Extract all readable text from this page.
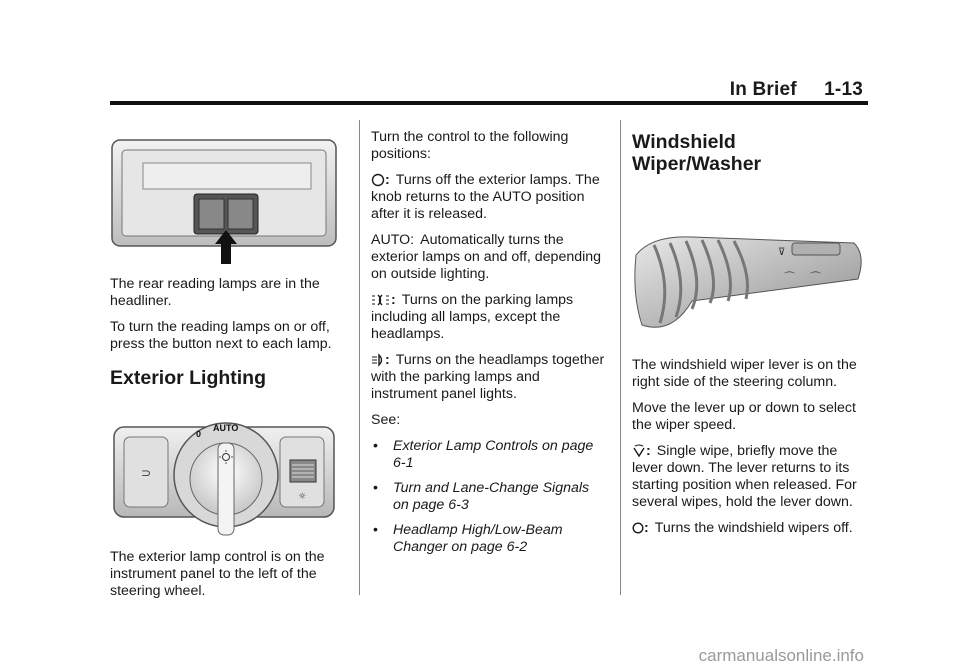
In Brief     1-13

The rear reading lamps are in the headliner.

To turn the reading lamps on or off, press the button next to each lamp.

Exterior Lighting
AUTO
0
⊃
☼

The exterior lamp control is on the instrument panel to the left of the steering wheel.

Turn the control to the following positions:

: Turns off the exterior lamps. The knob returns to the AUTO position after it is released.

AUTO: Automatically turns the exterior lamps on and off, depending on outside lighting.

: Turns on the parking lamps including all lamps, except the headlamps.

: Turns on the headlamps together with the parking lamps and instrument panel lights.

See:

• Exterior Lamp Controls on page 6-1
• Turn and Lane-Change Signals on page 6-3
• Headlamp High/Low-Beam Changer on page 6-2
Windshield Wiper/Washer
⊽
⌒ ⌒

The windshield wiper lever is on the right side of the steering column.

Move the lever up or down to select the wiper speed.

: Single wipe, briefly move the lever down. The lever returns to its starting position when released. For several wipes, hold the lever down.

: Turns the windshield wipers off.

carmanualsonline.info
